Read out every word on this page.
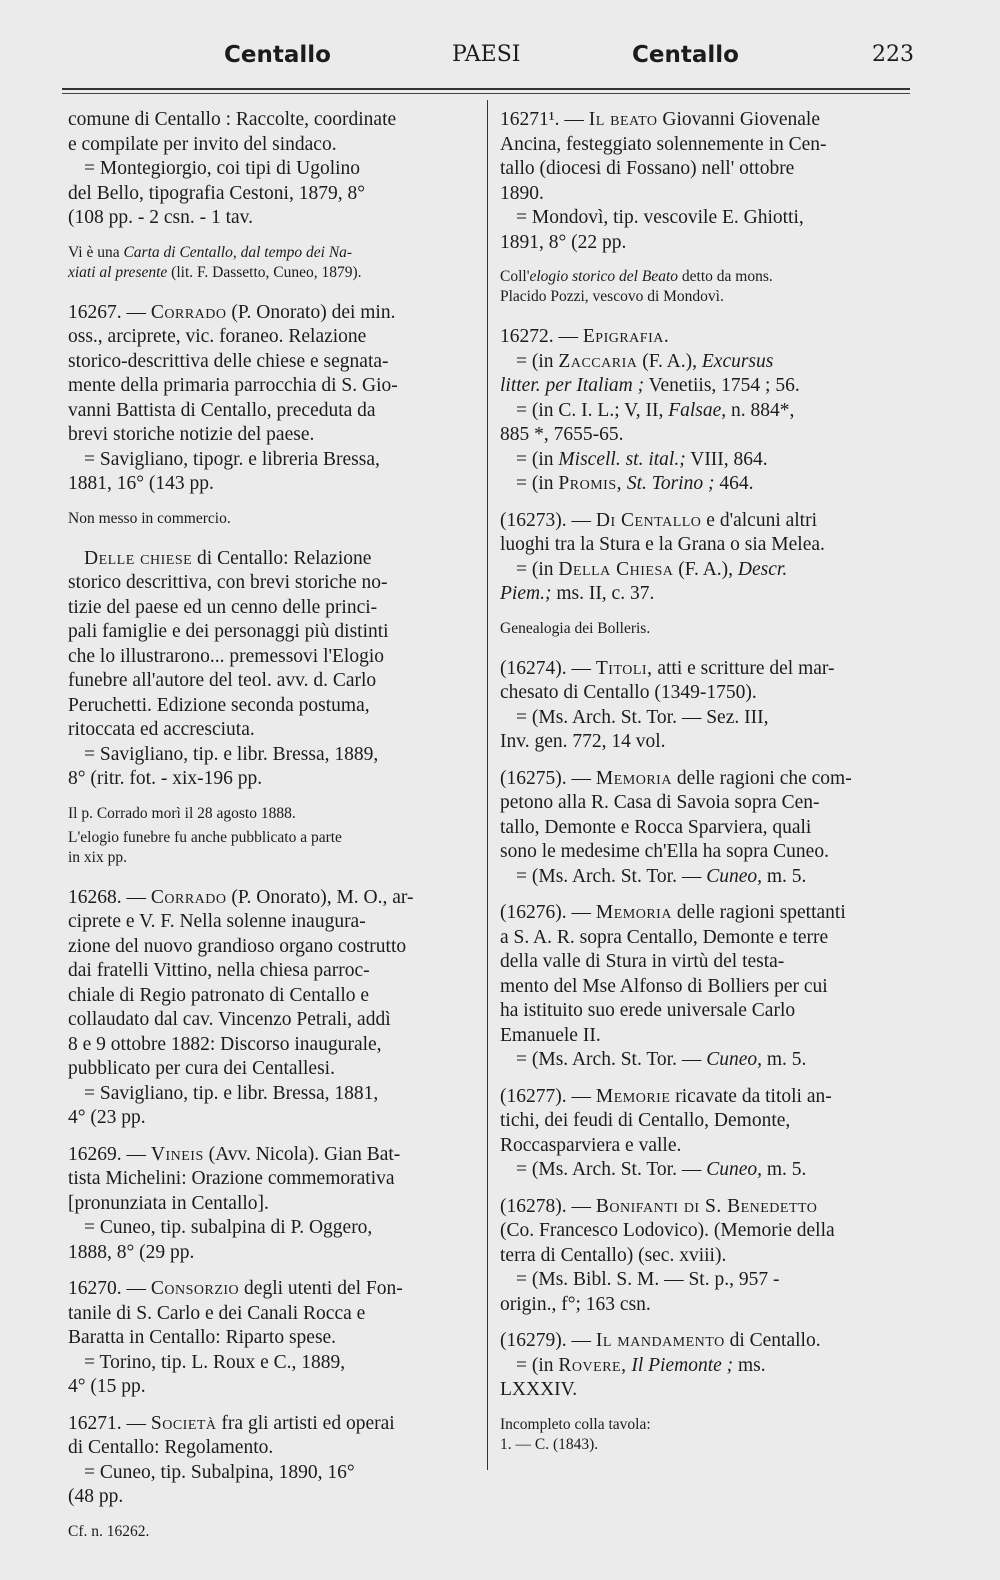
Centallo	PAESI	Centallo	223
comune di Centallo : Raccolte, coordinate
e compilate per invito del sindaco.
= Montegiorgio, coi tipi di Ugolino
del Bello, tipografia Cestoni, 1879, 8°
(108 pp. - 2 csn. - 1 tav.
Vi è una Carta di Centallo, dal tempo dei Na-
xiati al presente (lit. F. Dassetto, Cuneo, 1879).
16267. — Corrado (P. Onorato) dei min.
oss., arciprete, vic. foraneo. Relazione
storico-descrittiva delle chiese e segnata-
mente della primaria parrocchia di S. Gio-
vanni Battista di Centallo, preceduta da
brevi storiche notizie del paese.
= Savigliano, tipogr. e libreria Bressa,
1881, 16° (143 pp.
Non messo in commercio.
Delle chiese di Centallo: Relazione
storico descrittiva, con brevi storiche no-
tizie del paese ed un cenno delle princi-
pali famiglie e dei personaggi più distinti
che lo illustrarono... premessovi l'Elogio
funebre all'autore del teol. avv. d. Carlo
Peruchetti. Edizione seconda postuma,
ritoccata ed accresciuta.
= Savigliano, tip. e libr. Bressa, 1889,
8° (ritr. fot. - xix-196 pp.
Il p. Corrado morì il 28 agosto 1888.
L'elogio funebre fu anche pubblicato a parte
in xix pp.
16268. — Corrado (P. Onorato), M. O., ar-
ciprete e V. F. Nella solenne inaugura-
zione del nuovo grandioso organo costrutto
dai fratelli Vittino, nella chiesa parroc-
chiale di Regio patronato di Centallo e
collaudato dal cav. Vincenzo Petrali, addì
8 e 9 ottobre 1882: Discorso inaugurale,
pubblicato per cura dei Centallesi.
= Savigliano, tip. e libr. Bressa, 1881,
4° (23 pp.
16269. — Vineis (Avv. Nicola). Gian Bat-
tista Michelini: Orazione commemorativa
[pronunziata in Centallo].
= Cuneo, tip. subalpina di P. Oggero,
1888, 8° (29 pp.
16270. — Consorzio degli utenti del Fon-
tanile di S. Carlo e dei Canali Rocca e
Baratta in Centallo: Riparto spese.
= Torino, tip. L. Roux e C., 1889,
4° (15 pp.
16271. — Società fra gli artisti ed operai
di Centallo: Regolamento.
= Cuneo, tip. Subalpina, 1890, 16°
(48 pp.
Cf. n. 16262.
16271¹. — Il beato Giovanni Giovenale
Ancina, festeggiato solennemente in Cen-
tallo (diocesi di Fossano) nell' ottobre
1890.
= Mondovì, tip. vescovile E. Ghiotti,
1891, 8° (22 pp.
Coll'elogio storico del Beato detto da mons.
Placido Pozzi, vescovo di Mondovì.
16272. — Epigrafia.
= (in Zaccaria (F. A.), Excursus
litter. per Italiam ; Venetiis, 1754 ; 56.
= (in C. I. L.; V, II, Falsae, n. 884*,
885 *, 7655-65.
= (in Miscell. st. ital.; VIII, 864.
= (in Promis, St. Torino ; 464.
(16273). — Di Centallo e d'alcuni altri
luoghi tra la Stura e la Grana o sia Melea.
= (in Della Chiesa (F. A.), Descr.
Piem.; ms. II, c. 37.
Genealogia dei Bolleris.
(16274). — Titoli, atti e scritture del mar-
chesato di Centallo (1349-1750).
= (Ms. Arch. St. Tor. — Sez. III,
Inv. gen. 772, 14 vol.
(16275). — Memoria delle ragioni che com-
petono alla R. Casa di Savoia sopra Cen-
tallo, Demonte e Rocca Sparviera, quali
sono le medesime ch'Ella ha sopra Cuneo.
= (Ms. Arch. St. Tor. — Cuneo, m. 5.
(16276). — Memoria delle ragioni spettanti
a S. A. R. sopra Centallo, Demonte e terre
della valle di Stura in virtù del testa-
mento del Mse Alfonso di Bolliers per cui
ha istituito suo erede universale Carlo
Emanuele II.
= (Ms. Arch. St. Tor. — Cuneo, m. 5.
(16277). — Memorie ricavate da titoli an-
tichi, dei feudi di Centallo, Demonte,
Roccasparviera e valle.
= (Ms. Arch. St. Tor. — Cuneo, m. 5.
(16278). — Bonifanti di S. Benedetto
(Co. Francesco Lodovico). (Memorie della
terra di Centallo) (sec. xviii).
= (Ms. Bibl. S. M. — St. p., 957 -
origin., f°; 163 csn.
(16279). — Il mandamento di Centallo.
= (in Rovere, Il Piemonte ; ms.
LXXXIV.
Incompleto colla tavola:
1. — C. (1843).
